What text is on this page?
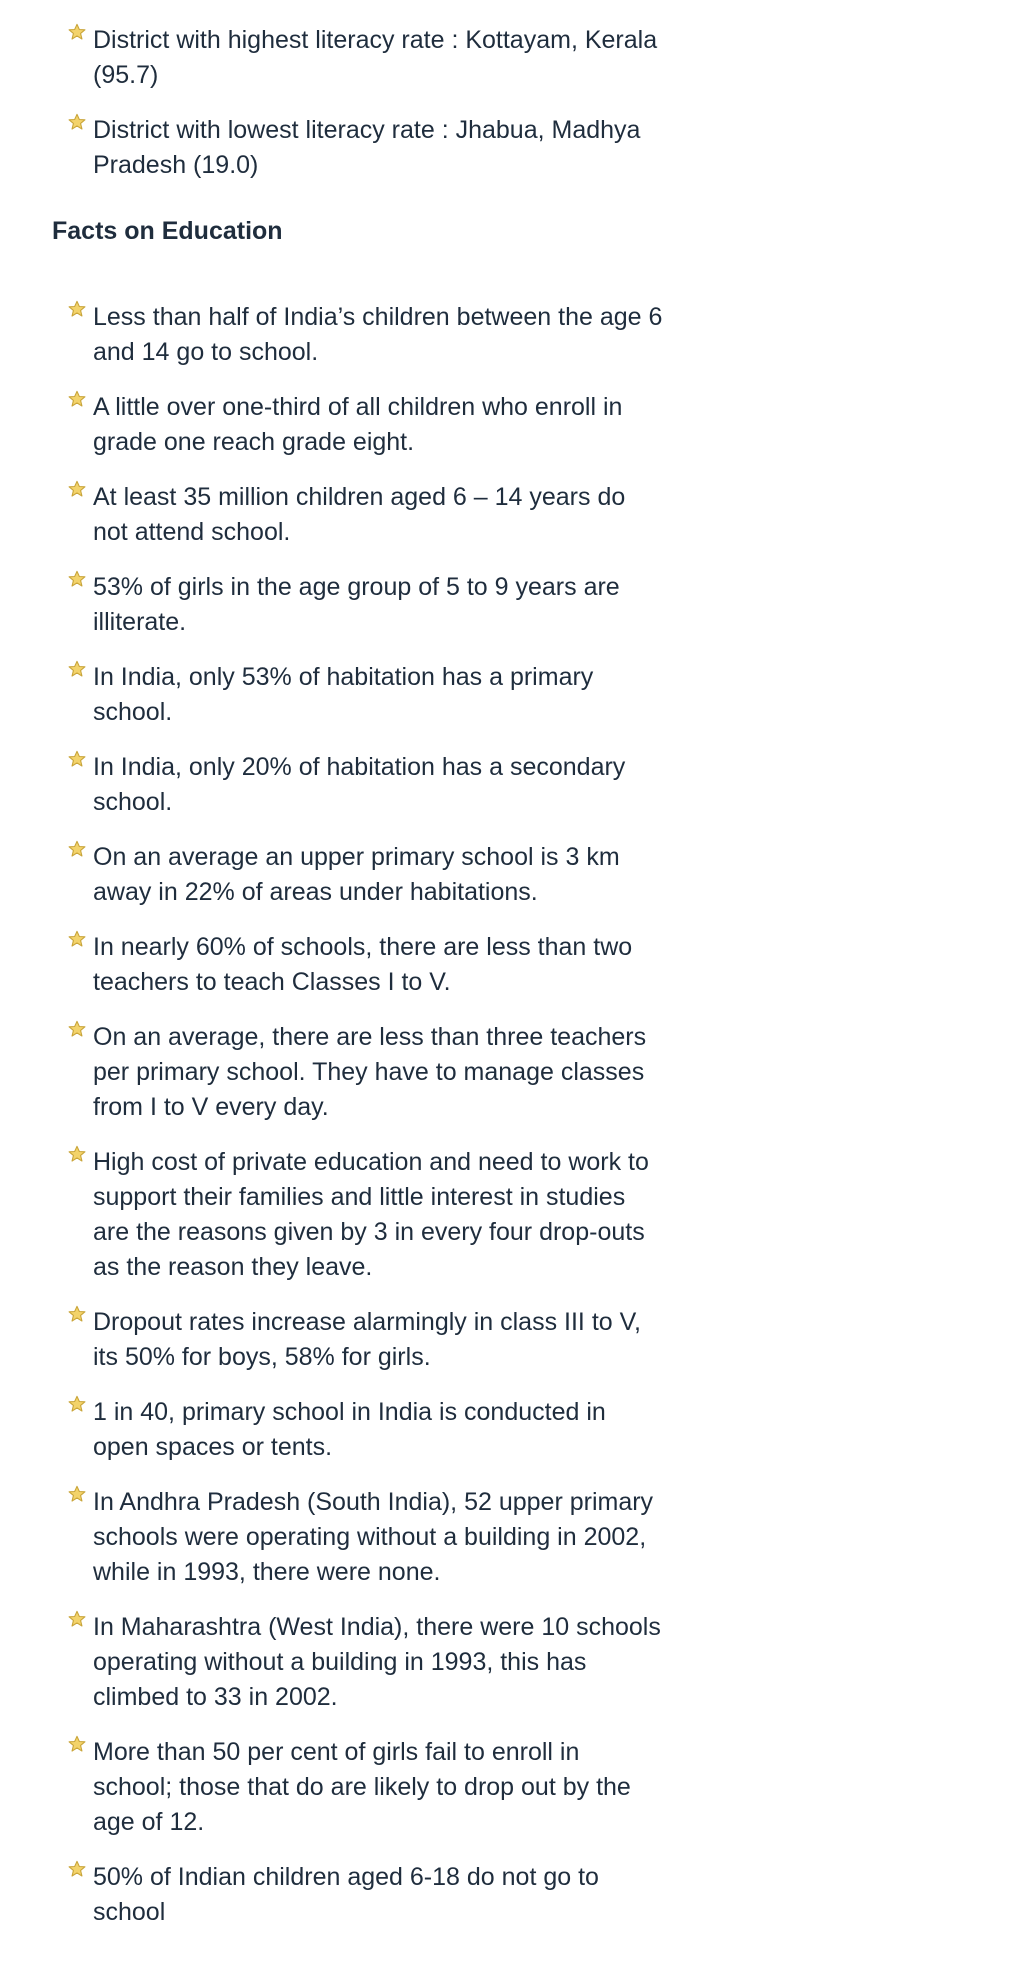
District with highest literacy rate : Kottayam, Kerala (95.7)
District with lowest literacy rate : Jhabua, Madhya Pradesh (19.0)
Facts on Education
Less than half of India’s children between the age 6 and 14 go to school.
A little over one-third of all children who enroll in grade one reach grade eight.
At least 35 million children aged 6 – 14 years do not attend school.
53% of girls in the age group of 5 to 9 years are illiterate.
In India, only 53% of habitation has a primary school.
In India, only 20% of habitation has a secondary school.
On an average an upper primary school is 3 km away in 22% of areas under habitations.
In nearly 60% of schools, there are less than two teachers to teach Classes I to V.
On an average, there are less than three teachers per primary school. They have to manage classes from I to V every day.
High cost of private education and need to work to support their families and little interest in studies are the reasons given by 3 in every four drop-outs as the reason they leave.
Dropout rates increase alarmingly in class III to V, its 50% for boys, 58% for girls.
1 in 40, primary school in India is conducted in open spaces or tents.
In Andhra Pradesh (South India), 52 upper primary schools were operating without a building in 2002, while in 1993, there were none.
In Maharashtra (West India), there were 10 schools operating without a building in 1993, this has climbed to 33 in 2002.
More than 50 per cent of girls fail to enroll in school; those that do are likely to drop out by the age of 12.
50% of Indian children aged 6-18 do not go to school
